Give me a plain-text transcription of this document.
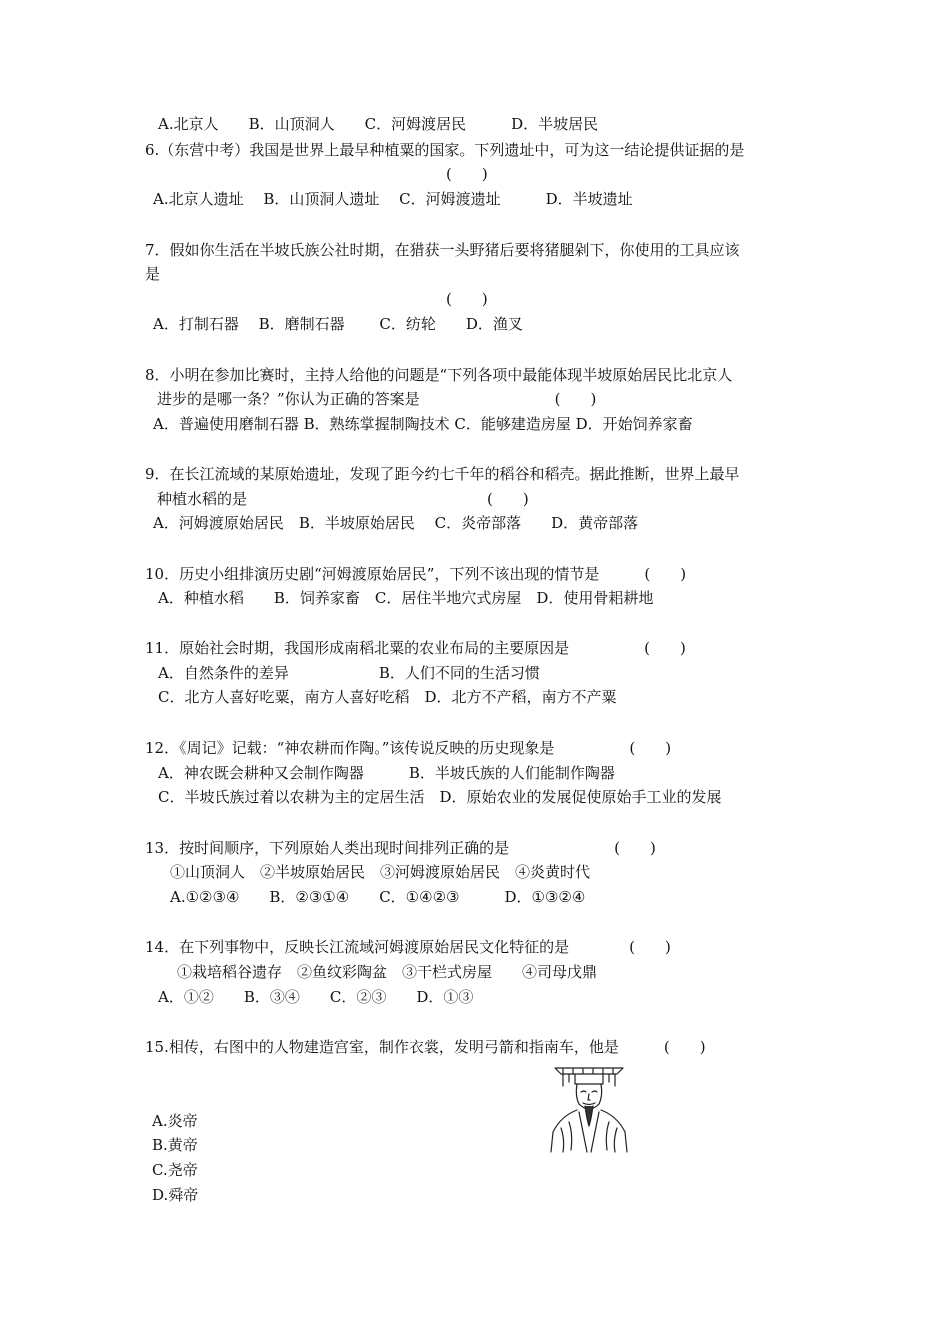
A.北京人　　B．山顶洞人　　C．河姆渡居民　　　D．半坡居民
6.（东营中考）我国是世界上最早种植粟的国家。下列遗址中，可为这一结论提供证据的是
(　　)
A.北京人遗址　 B．山顶洞人遗址　 C．河姆渡遗址　　　D．半坡遗址
7．假如你生活在半坡氏族公社时期，在猎获一头野猪后要将猪腿剁下，你使用的工具应该
是
(　　)
A．打制石器　 B．磨制石器　　 C．纺轮　　D．渔叉
8．小明在参加比赛时，主持人给他的问题是“下列各项中最能体现半坡原始居民比北京人
进步的是哪一条？”你认为正确的答案是　　　　　　　　　(　　)
A．普遍使用磨制石器 B．熟练掌握制陶技术 C．能够建造房屋 D．开始饲养家畜
9．在长江流域的某原始遗址，发现了距今约七千年的稻谷和稻壳。据此推断，世界上最早
种植水稻的是　　　　　　　　　　　　　　　　(　　)
A．河姆渡原始居民　B．半坡原始居民　 C．炎帝部落　　D．黄帝部落
10．历史小组排演历史剧“河姆渡原始居民”，下列不该出现的情节是　　　(　　)
A．种植水稻　　B．饲养家畜　C．居住半地穴式房屋　D．使用骨耜耕地
11．原始社会时期，我国形成南稻北粟的农业布局的主要原因是　　　　　(　　)
A．自然条件的差异　　　　　　B．人们不同的生活习惯
C．北方人喜好吃粟，南方人喜好吃稻　D．北方不产稻，南方不产粟
12．《周记》记载：“神农耕而作陶。”该传说反映的历史现象是　　　　　(　　)
A．神农既会耕种又会制作陶器　　　B．半坡氏族的人们能制作陶器
C．半坡氏族过着以农耕为主的定居生活　D．原始农业的发展促使原始手工业的发展
13．按时间顺序，下列原始人类出现时间排列正确的是　　　　　　　(　　)
①山顶洞人　②半坡原始居民　③河姆渡原始居民　④炎黄时代
A.①②③④　　B．②③①④　　C．①④②③　　　D．①③②④
14．在下列事物中，反映长江流域河姆渡原始居民文化特征的是　　　　(　　)
①栽培稻谷遗存　②鱼纹彩陶盆　③干栏式房屋　　④司母戊鼎
A．①②　　B．③④　　C．②③　　D．①③
15.相传，右图中的人物建造宫室，制作衣裳，发明弓箭和指南车，他是　　　(　　)
A.炎帝
B.黄帝
C.尧帝
D.舜帝
